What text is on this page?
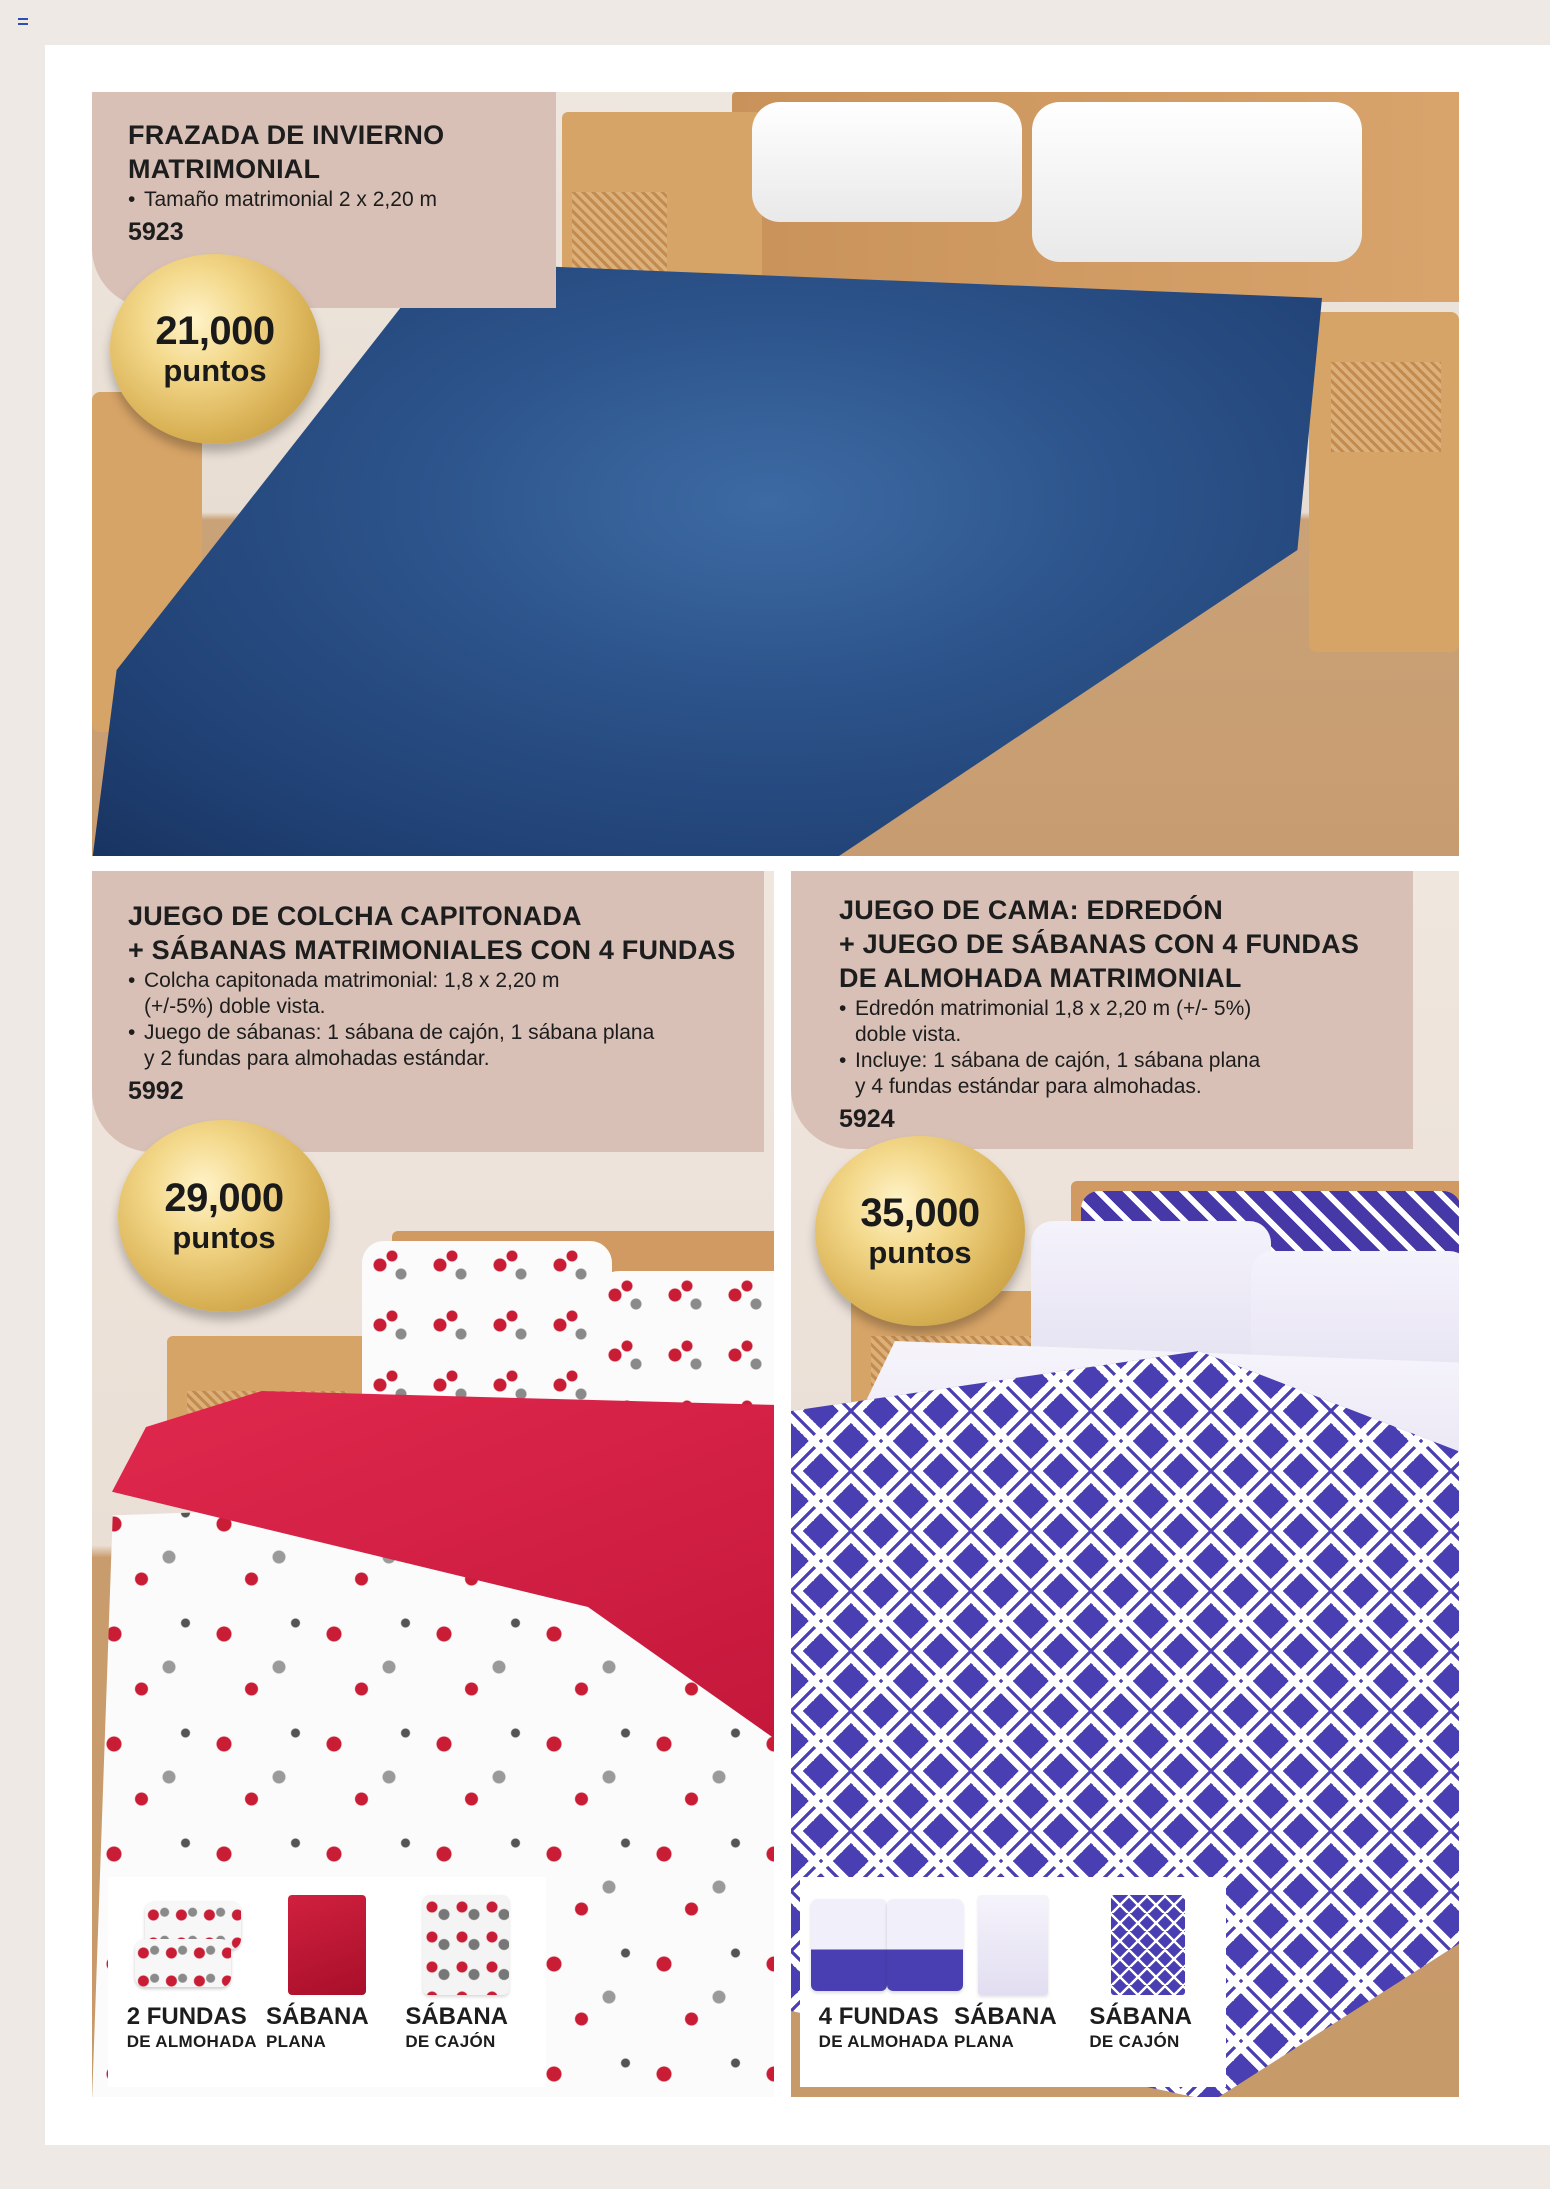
FRAZADA DE INVIERNO
MATRIMONIAL
• Tamaño matrimonial 2 x 2,20 m
5923
JUEGO DE COLCHA CAPITONADA
+ SÁBANAS MATRIMONIALES CON 4 FUNDAS
• Colcha capitonada matrimonial: 1,8 x 2,20 m
(+/-5%) doble vista.
• Juego de sábanas: 1 sábana de cajón, 1 sábana plana
y 2 fundas para almohadas estándar.
5992
JUEGO DE CAMA: EDREDÓN
+ JUEGO DE SÁBANAS CON 4 FUNDAS
DE ALMOHADA MATRIMONIAL
• Edredón matrimonial 1,8 x 2,20 m (+/- 5%)
doble vista.
• Incluye: 1 sábana de cajón, 1 sábana plana
y 4 fundas estándar para almohadas.
5924
21,000
puntos
29,000
puntos
35,000
puntos
2 FUNDAS
DE ALMOHADA
SÁBANA
PLANA
SÁBANA
DE CAJÓN
4 FUNDAS
DE ALMOHADA
SÁBANA
PLANA
SÁBANA
DE CAJÓN
